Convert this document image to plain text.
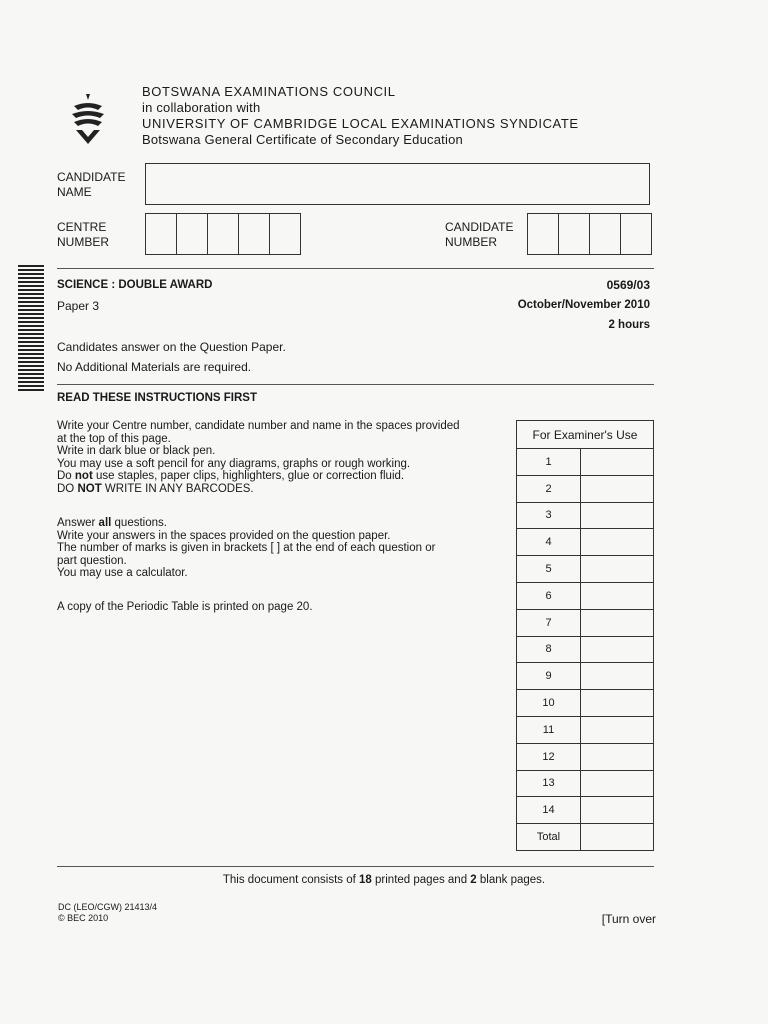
BOTSWANA EXAMINATIONS COUNCIL
in collaboration with
UNIVERSITY OF CAMBRIDGE LOCAL EXAMINATIONS SYNDICATE
Botswana General Certificate of Secondary Education
CANDIDATE
NAME
CENTRE
NUMBER
CANDIDATE
NUMBER
SCIENCE : DOUBLE AWARD	0569/03
Paper 3	October/November 2010
2 hours
Candidates answer on the Question Paper.
No Additional Materials are required.
READ THESE INSTRUCTIONS FIRST
Write your Centre number, candidate number and name in the spaces provided
at the top of this page.
Write in dark blue or black pen.
You may use a soft pencil for any diagrams, graphs or rough working.
Do not use staples, paper clips, highlighters, glue or correction fluid.
DO NOT WRITE IN ANY BARCODES.
Answer all questions.
Write your answers in the spaces provided on the question paper.
The number of marks is given in brackets [ ] at the end of each question or
part question.
You may use a calculator.
A copy of the Periodic Table is printed on page 20.
For Examiner's Use	
1	
2	
3	
4	
5	
6	
7	
8	
9	
10	
11	
12	
13	
14	
Total	
This document consists of 18 printed pages and 2 blank pages.
DC (LEO/CGW) 21413/4
© BEC 2010	[Turn over
